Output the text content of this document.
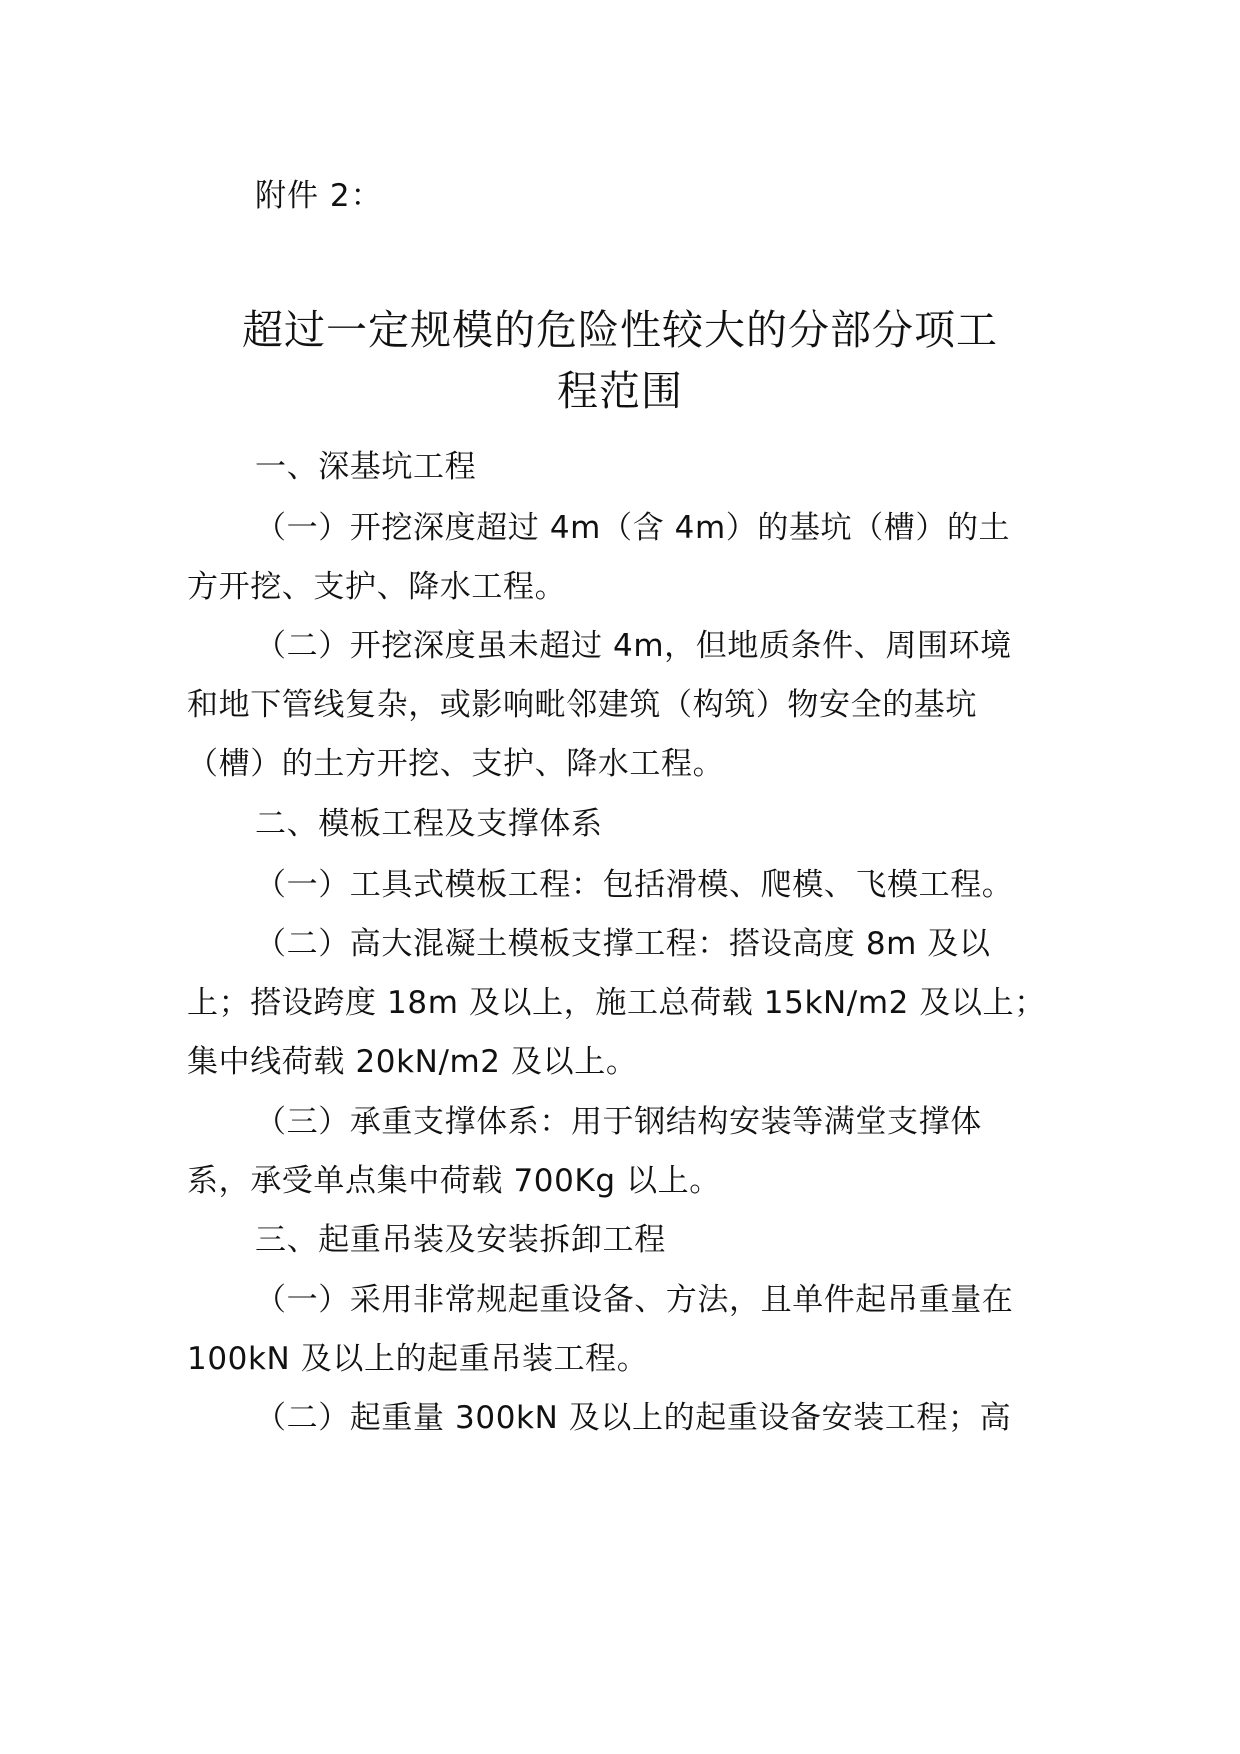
附件 2：
超过一定规模的危险性较大的分部分项工
程范围
一、深基坑工程
（一）开挖深度超过 4m（含 4m）的基坑（槽）的土
方开挖、支护、降水工程。
（二）开挖深度虽未超过 4m，但地质条件、周围环境
和地下管线复杂，或影响毗邻建筑（构筑）物安全的基坑
（槽）的土方开挖、支护、降水工程。
二、模板工程及支撑体系
（一）工具式模板工程：包括滑模、爬模、飞模工程。
（二）高大混凝土模板支撑工程：搭设高度 8m 及以
上；搭设跨度 18m 及以上，施工总荷载 15kN/m2 及以上；
集中线荷载 20kN/m2 及以上。
（三）承重支撑体系：用于钢结构安装等满堂支撑体
系，承受单点集中荷载 700Kg 以上。
三、起重吊装及安装拆卸工程
（一）采用非常规起重设备、方法，且单件起吊重量在
100kN 及以上的起重吊装工程。
（二）起重量 300kN 及以上的起重设备安装工程；高
